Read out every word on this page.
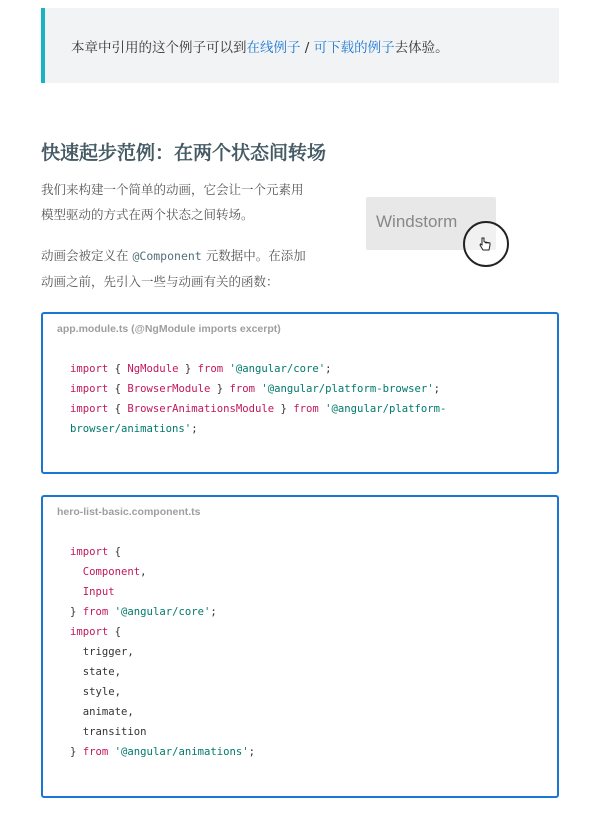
本章中引用的这个例子可以到在线例子 / 可下载的例子去体验。
快速起步范例：在两个状态间转场

我们来构建一个简单的动画，它会让一个元素用
模型驱动的方式在两个状态之间转场。

动画会被定义在 @Component 元数据中。在添加
动画之前，先引入一些与动画有关的函数：

Windstorm
app.module.ts (@NgModule imports excerpt)
import { NgModule } from '@angular/core';
import { BrowserModule } from '@angular/platform-browser';
import { BrowserAnimationsModule } from '@angular/platform-
browser/animations';
hero-list-basic.component.ts
import {
Component,
Input
} from '@angular/core';
import {
trigger,
state,
style,
animate,
transition
} from '@angular/animations';
